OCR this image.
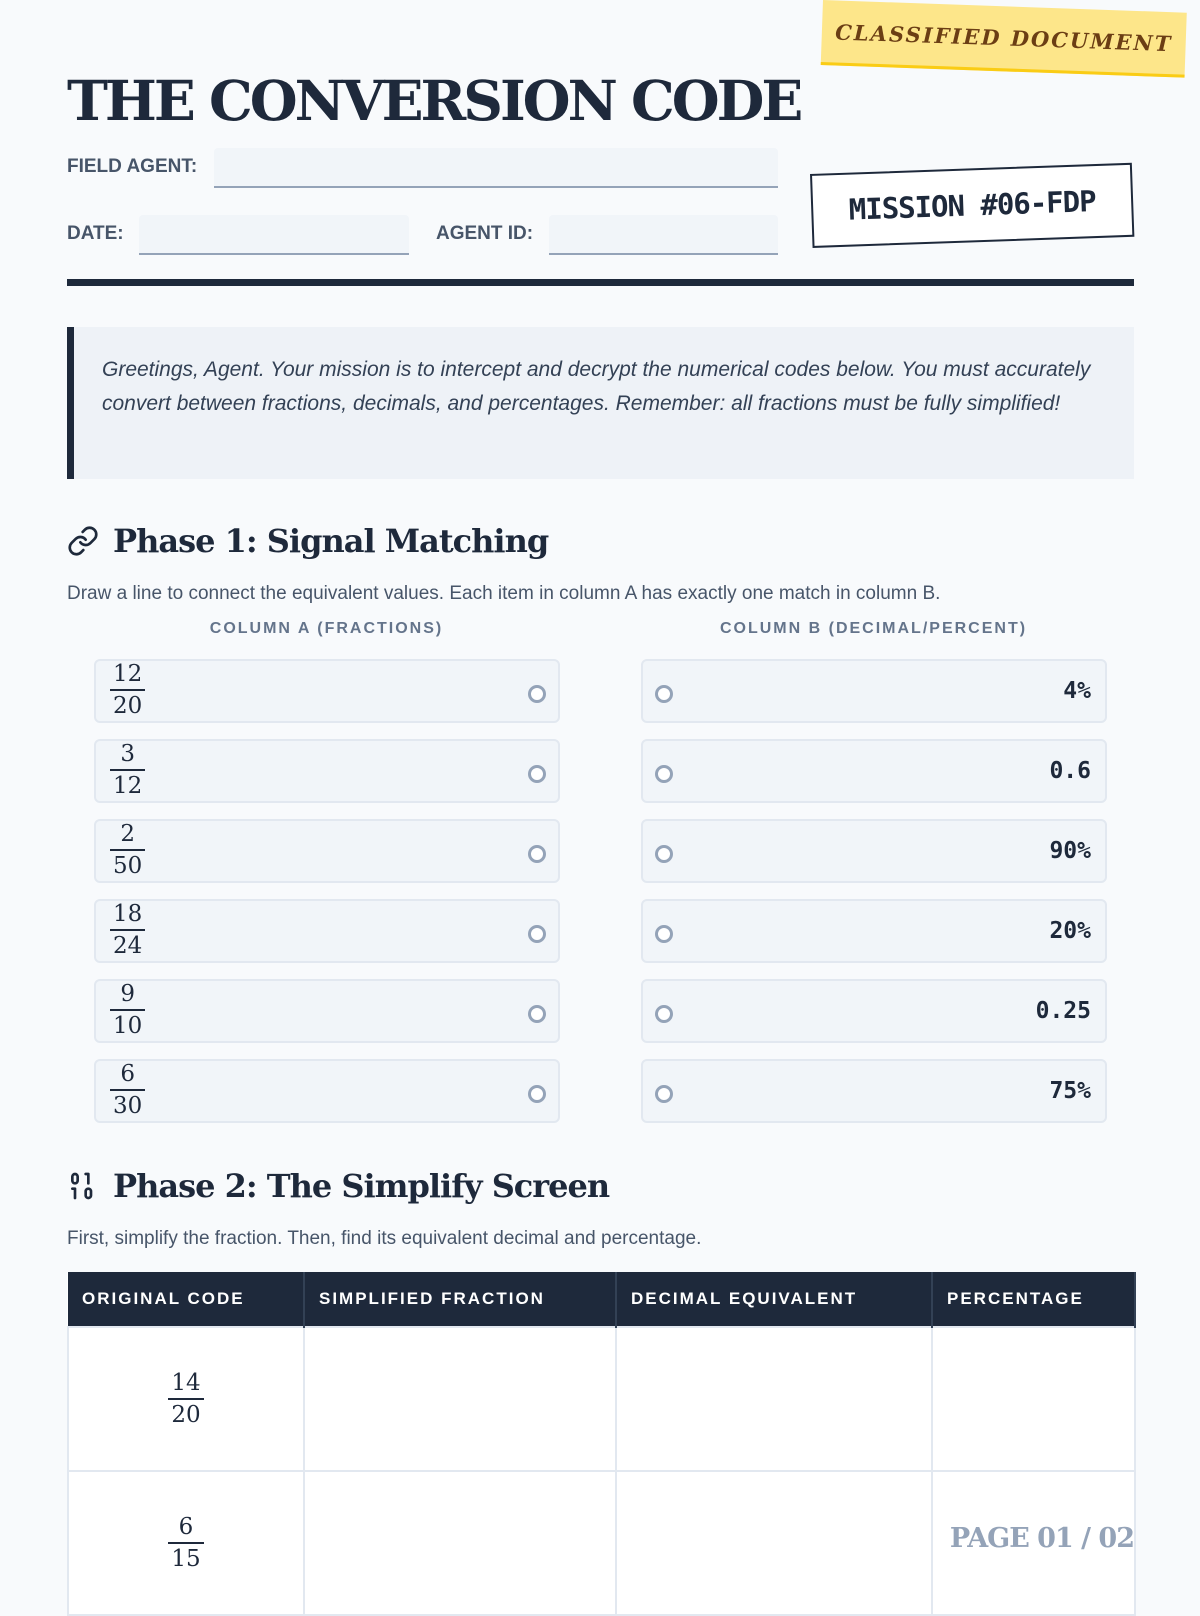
CLASSIFIED DOCUMENT
THE CONVERSION CODE
FIELD AGENT:
DATE:	AGENT ID:
MISSION #06-FDP
Greetings, Agent. Your mission is to intercept and decrypt the numerical codes below. You must accurately convert between fractions, decimals, and percentages. Remember: all fractions must be fully simplified!
Phase 1: Signal Matching
Draw a line to connect the equivalent values. Each item in column A has exactly one match in column B.
COLUMN A (FRACTIONS)	COLUMN B (DECIMAL/PERCENT)
$\frac{12}{20}$	4%
$\frac{3}{12}$	0.6
$\frac{2}{50}$	90%
$\frac{18}{24}$	20%
$\frac{9}{10}$	0.25
$\frac{6}{30}$	75%
Phase 2: The Simplify Screen
First, simplify the fraction. Then, find its equivalent decimal and percentage.
ORIGINAL CODE	SIMPLIFIED FRACTION	DECIMAL EQUIVALENT	PERCENTAGE

$\frac{14}{20}$

$\frac{6}{15}$
				PAGE 01 / 02
